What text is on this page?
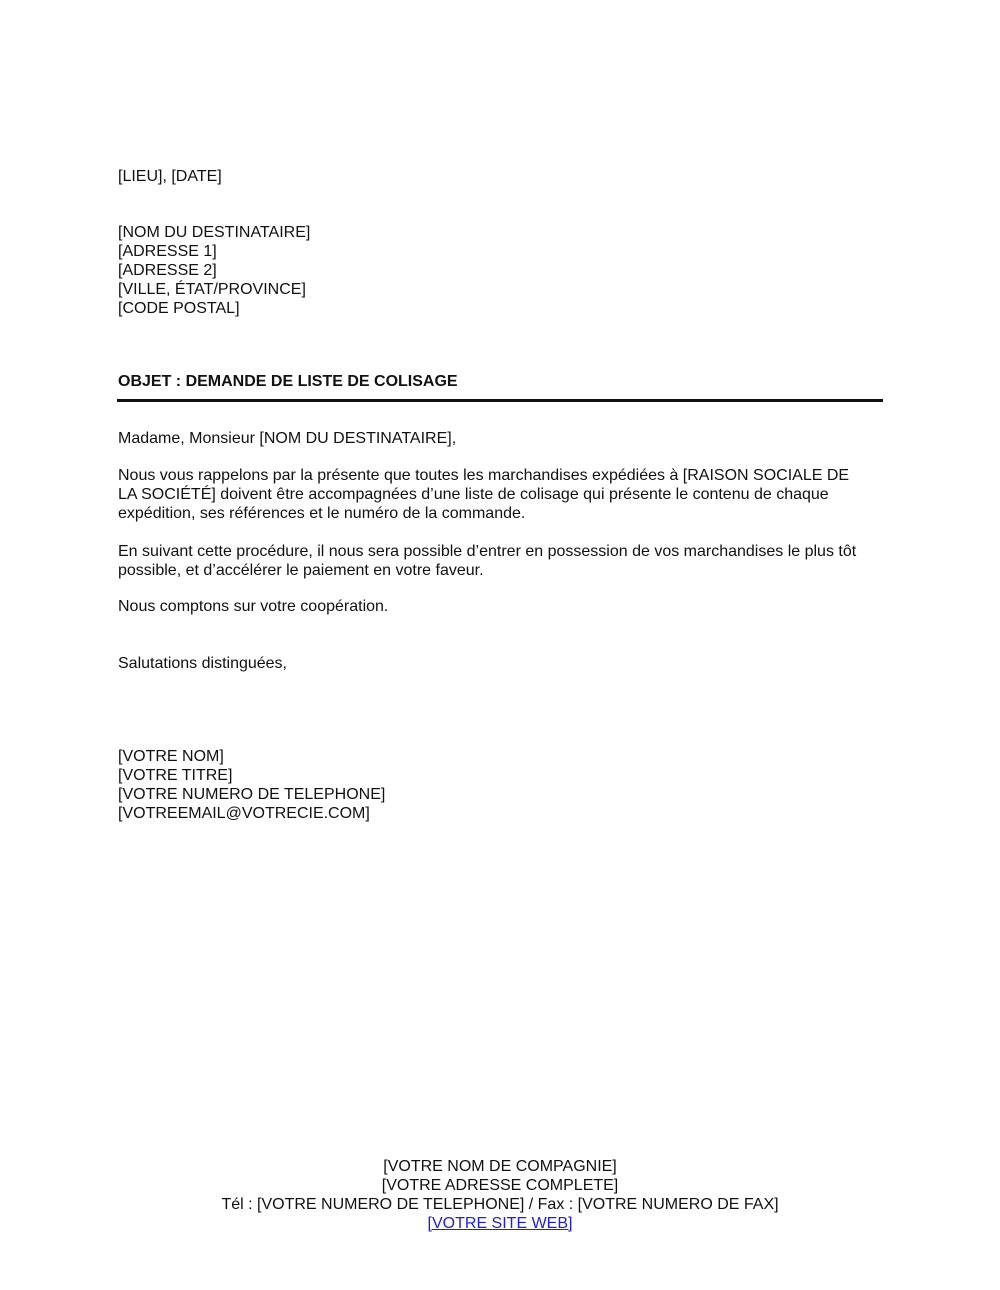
[LIEU], [DATE]
[NOM DU DESTINATAIRE]
[ADRESSE 1]
[ADRESSE 2]
[VILLE, ÉTAT/PROVINCE]
[CODE POSTAL]
OBJET : DEMANDE DE LISTE DE COLISAGE
Madame, Monsieur [NOM DU DESTINATAIRE],
Nous vous rappelons par la présente que toutes les marchandises expédiées à [RAISON SOCIALE DE
LA SOCIÉTÉ] doivent être accompagnées d’une liste de colisage qui présente le contenu de chaque
expédition, ses références et le numéro de la commande.
En suivant cette procédure, il nous sera possible d’entrer en possession de vos marchandises le plus tôt
possible, et d’accélérer le paiement en votre faveur.
Nous comptons sur votre coopération.
Salutations distinguées,
[VOTRE NOM]
[VOTRE TITRE]
[VOTRE NUMERO DE TELEPHONE]
[VOTREEMAIL@VOTRECIE.COM]
[VOTRE NOM DE COMPAGNIE]
[VOTRE ADRESSE COMPLETE]
Tél : [VOTRE NUMERO DE TELEPHONE] / Fax : [VOTRE NUMERO DE FAX]
[VOTRE SITE WEB]
